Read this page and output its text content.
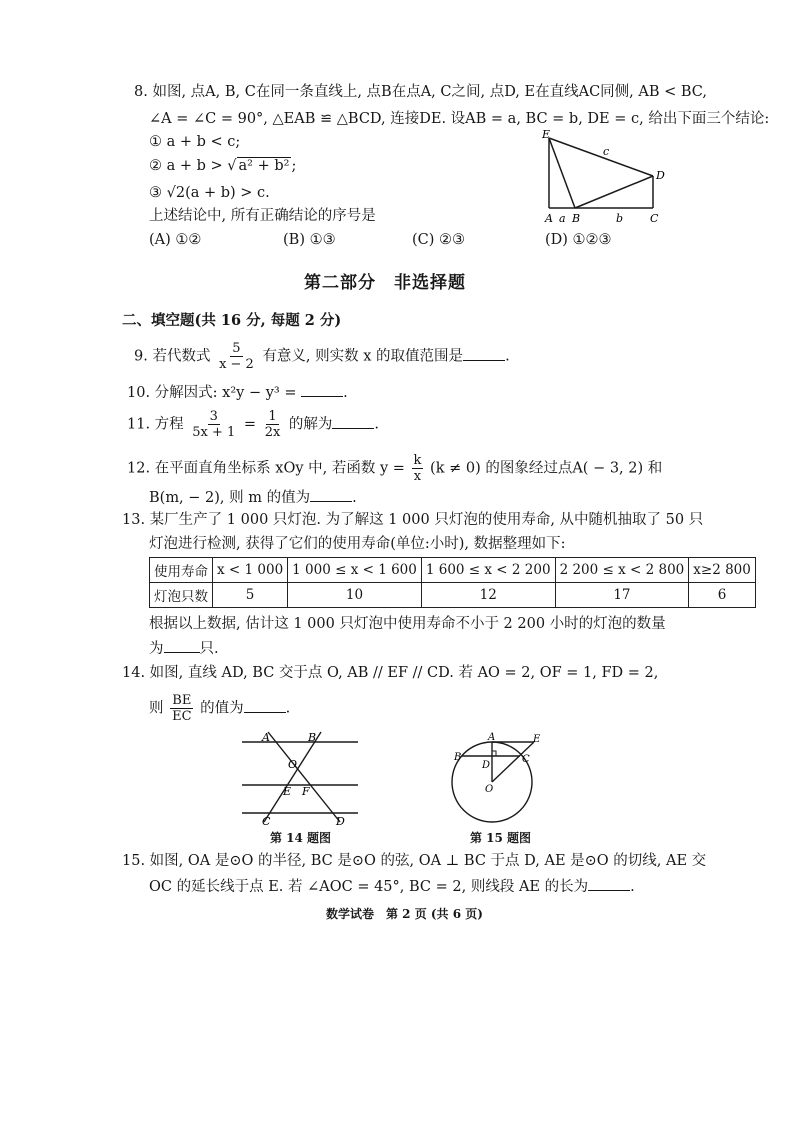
8. 如图, 点A, B, C在同一条直线上, 点B在点A, C之间, 点D, E在直线AC同侧, AB < BC,
∠A = ∠C = 90°, △EAB ≌ △BCD, 连接DE. 设AB = a, BC = b, DE = c, 给出下面三个结论:
① a + b < c;
② a + b > √ a² + b² ;
③ √2(a + b) > c.
上述结论中, 所有正确结论的序号是
(A) ①②	(B) ①③	(C) ②③	(D) ①②③
E
c
D
A a B	b C
第二部分　非选择题
二、填空题(共 16 分, 每题 2 分)
9. 若代数式 $\frac{5}{x - 2}$ 有意义, 则实数 x 的取值范围是	.
10. 分解因式: x²y − y³ =	.
11. 方程 $\frac{3}{5x + 1} = \frac{1}{2x}$ 的解为	.
12. 在平面直角坐标系 xOy 中, 若函数 $y = \frac{k}{x} (k \ne 0)$ 的图象经过点A( − 3, 2) 和
B(m, − 2), 则 m 的值为	.
13. 某厂生产了 1 000 只灯泡. 为了解这 1 000 只灯泡的使用寿命, 从中随机抽取了 50 只
灯泡进行检测, 获得了它们的使用寿命(单位:小时), 数据整理如下:
使用寿命	x < 1 000	1 000 ≤ x < 1 600	1 600 ≤ x < 2 200	2 200 ≤ x < 2 800	x≥2 800
灯泡只数	5	10	12	17	6
根据以上数据, 估计这 1 000 只灯泡中使用寿命不小于 2 200 小时的灯泡的数量
为 只.
14. 如图, 直线 AD, BC 交于点 O, AB // EF // CD. 若 AO = 2, OF = 1, FD = 2,
则 $\frac{BE}{EC}$ 的值为	.
A	B
O
E F
C	D
第 14 题图
A	E
B	C
D
O
第 15 题图
15. 如图, OA 是⊙O 的半径, BC 是⊙O 的弦, OA ⊥ BC 于点 D, AE 是⊙O 的切线, AE 交
OC 的延长线于点 E. 若 ∠AOC = 45°, BC = 2, 则线段 AE 的长为	.
数学试卷　第 2 页 (共 6 页)
